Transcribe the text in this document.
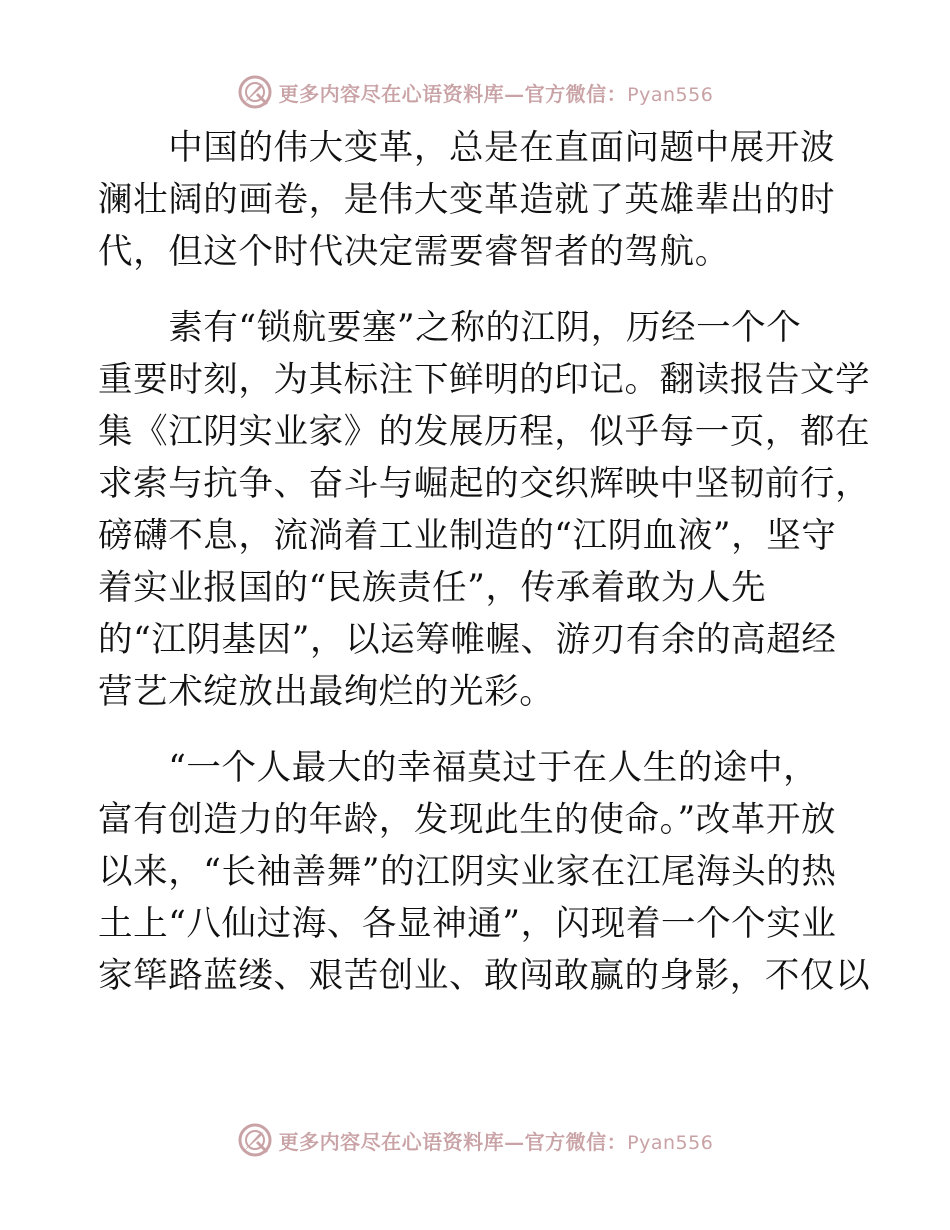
更多内容尽在心语资料库—官方微信：Pyan556

　　中国的伟大变革，总是在直面问题中展开波
澜壮阔的画卷，是伟大变革造就了英雄辈出的时
代，但这个时代决定需要睿智者的驾航。

　　素有“锁航要塞”之称的江阴，历经一个个
重要时刻，为其标注下鲜明的印记。翻读报告文学
集《江阴实业家》的发展历程，似乎每一页，都在
求索与抗争、奋斗与崛起的交织辉映中坚韧前行，
磅礴不息，流淌着工业制造的“江阴血液”，坚守
着实业报国的“民族责任”，传承着敢为人先
的“江阴基因”，以运筹帷幄、游刃有余的高超经
营艺术绽放出最绚烂的光彩。

　　“一个人最大的幸福莫过于在人生的途中，
富有创造力的年龄，发现此生的使命。”改革开放
以来，“长袖善舞”的江阴实业家在江尾海头的热
土上“八仙过海、各显神通”，闪现着一个个实业
家筚路蓝缕、艰苦创业、敢闯敢赢的身影，不仅以

更多内容尽在心语资料库—官方微信：Pyan556
